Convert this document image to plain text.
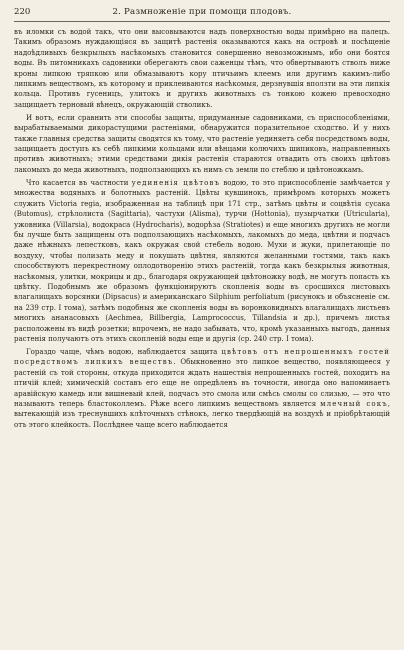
220	2. Размноженіе при помощи плодовъ.

въ иломки съ водой такъ, что они высовываются надъ поверхностью воды примѣрно на палецъ. Такимъ образомъ нуждающіяся въ защитѣ растенія оказываются какъ на островѣ и посѣщеніе надоѣдливыхъ безкрылыхъ насѣкомыхъ становится совершенно невозможнымъ, ибо они боятся воды. Въ питомникахъ садовники оберегаютъ свои саженцы тѣмъ, что обвертываютъ стволъ ниже кроны липкою тряпкою или обмазываютъ кору птичьимъ клеемъ или другимъ какимъ-либо липкимъ веществомъ, къ которому и приклеиваются насѣкомыя, дерзнувшія вползти на эти липкія кольца. Противъ гусеницъ, улитокъ и другихъ животныхъ съ тонкою кожею превосходно защищаетъ терновый вѣнецъ, окружающій стволикъ.

И вотъ, если сравнить эти способы защиты, придуманные садовниками, съ приспособленіями, вырабатываемыми дикорастущими растеніями, обнаружится поразительное сходство. И у нихъ также главныя средства защиты сводятся къ тому, что растеніе уединяетъ себя посредствомъ воды, защищаетъ доступъ къ себѣ липкими кольцами или вѣнцами колючихъ шипиковъ, направленныхъ противъ животныхъ; этими средствами дикія растенія стараются отвадить отъ своихъ цвѣтовъ лакомыхъ до меда животныхъ, подползающихъ къ нимъ съ земли по стеблю и цвѣтоножкамъ.

Что касается въ частности уединенія цвѣтовъ водою, то это приспособленіе замѣчается у множества водяныхъ и болотныхъ растеній. Цвѣты кувшинокъ, примѣромъ которыхъ можетъ служить Victoria regia, изображенная на таблицѣ при 171 стр., затѣмъ цвѣты и соцвѣтія сусака (Butomus), стрѣлолиста (Sagittaria), частухи (Alisma), турчи (Hottonia), пузырчатки (Utricularia), ужовника (Villarsia), водокраса (Hydrocharis), водорѣза (Stratiotes) и еще многихъ другихъ не могли бы лучше быть защищены отъ подползающихъ насѣкомыхъ, лакомыхъ до меда, цвѣтни и подчасъ даже нѣжныхъ лепестковъ, какъ окружая свой стебель водою. Мухи и жуки, прилетающіе по воздуху, чтобы полизать меду и покушать цвѣтня, являются желанными гостями, такъ какъ способствуютъ перекрестному оплодотворенію этихъ растеній, тогда какъ безкрылыя животныя, насѣкомыя, улитки, мокрицы и др., благодаря окружающей цвѣтоножку водѣ, не могутъ попасть къ цвѣтку. Подобнымъ же образомъ функціонируютъ скопленія воды въ сросшихся листовыхъ влагалищахъ ворсянки (Dipsacus) и американскаго Silphium perfoliatum (рисунокъ и объясненіе см. на 239 стр. I тома), затѣмъ подобныя же скопленія воды въ воронковидныхъ влагалищахъ листьевъ многихъ ананасовыхъ (Aechmea, Billbergia, Lamprococcus, Tillandsia и др.), причемъ листья расположены въ видѣ розетки; впрочемъ, не надо забывать, что, кромѣ указанныхъ выгодъ, данныя растенія получаютъ отъ этихъ скопленій воды еще и другія (ср. 240 стр. I тома).

Гораздо чаще, чѣмъ водою, наблюдается защита цвѣтовъ отъ непрошенныхъ гостей посредствомъ липкихъ веществъ. Обыкновенно это липкое вещество, появляющееся у растеній съ той стороны, откуда приходится ждать нашествія непрошенныхъ гостей, походитъ на птичій клей; химическій составъ его еще не опредѣленъ въ точности, иногда оно напоминаетъ аравійскую камедь или вишневый клей, подчасъ это смола или смѣсь смолы со слизью, — это что называютъ теперь бластоколлемъ. Рѣже всего липкимъ веществомъ является млечный сокъ, вытекающій изъ треснувшихъ клѣточныхъ стѣнокъ, легко твердѣющій на воздухѣ и пріобрѣтающій отъ этого клейкость. Послѣднее чаще всего наблюдается
